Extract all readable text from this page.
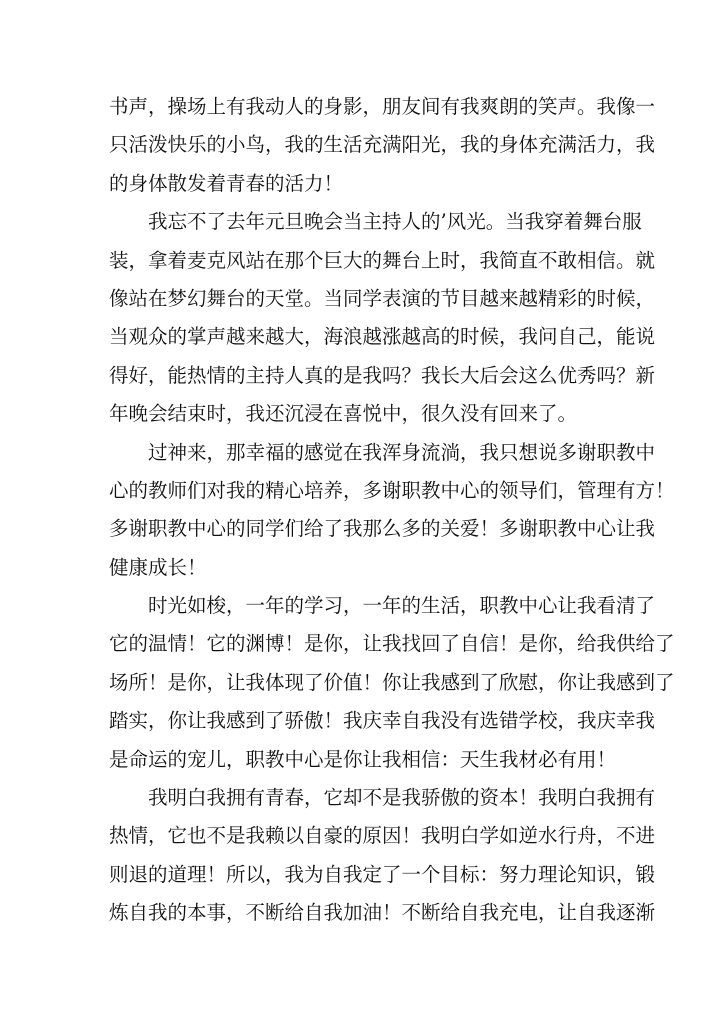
书声，操场上有我动人的身影，朋友间有我爽朗的笑声。我像一
只活泼快乐的小鸟，我的生活充满阳光，我的身体充满活力，我
的身体散发着青春的活力！
我忘不了去年元旦晚会当主持人的’风光。当我穿着舞台服
装，拿着麦克风站在那个巨大的舞台上时，我简直不敢相信。就
像站在梦幻舞台的天堂。当同学表演的节目越来越精彩的时候，
当观众的掌声越来越大，海浪越涨越高的时候，我问自己，能说
得好，能热情的主持人真的是我吗？我长大后会这么优秀吗？新
年晚会结束时，我还沉浸在喜悦中，很久没有回来了。
过神来，那幸福的感觉在我浑身流淌，我只想说多谢职教中
心的教师们对我的精心培养，多谢职教中心的领导们，管理有方！
多谢职教中心的同学们给了我那么多的关爱！多谢职教中心让我
健康成长！
时光如梭，一年的学习，一年的生活，职教中心让我看清了
它的温情！它的渊博！是你，让我找回了自信！是你，给我供给了
场所！是你，让我体现了价值！你让我感到了欣慰，你让我感到了
踏实，你让我感到了骄傲！我庆幸自我没有选错学校，我庆幸我
是命运的宠儿，职教中心是你让我相信：天生我材必有用！
我明白我拥有青春，它却不是我骄傲的资本！我明白我拥有
热情，它也不是我赖以自豪的原因！我明白学如逆水行舟，不进
则退的道理！所以，我为自我定了一个目标：努力理论知识，锻
炼自我的本事，不断给自我加油！不断给自我充电，让自我逐渐
